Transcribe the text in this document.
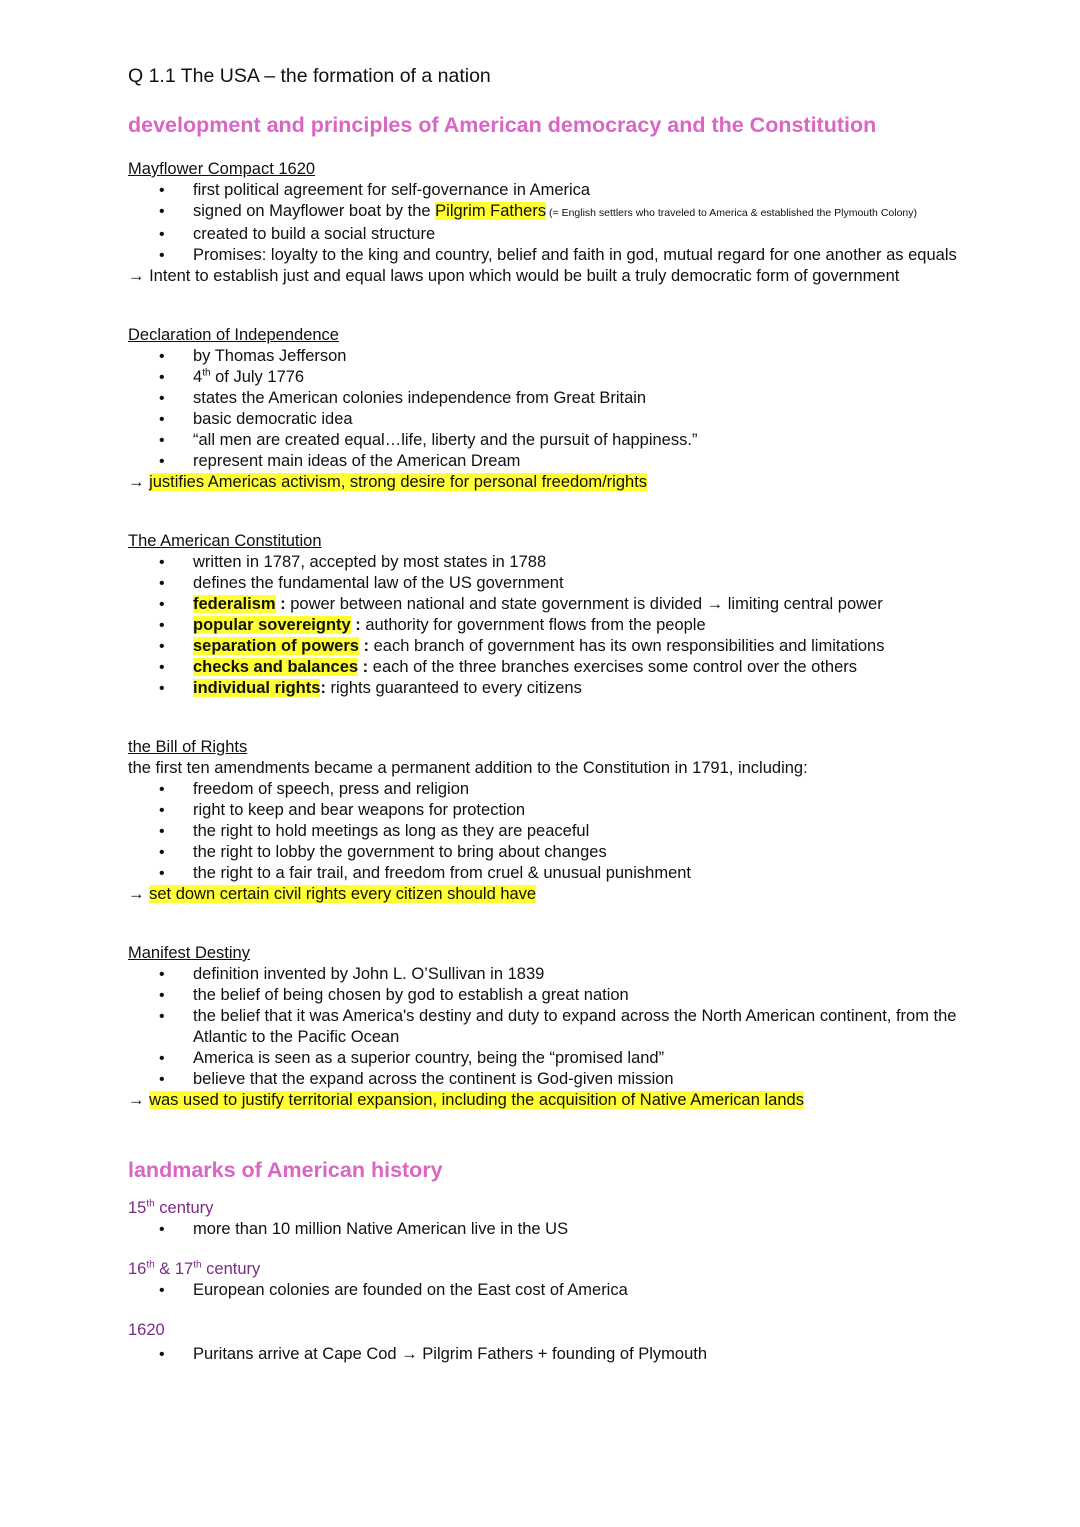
Q 1.1 The USA – the formation of a nation

development and principles of American democracy and the Constitution

Mayflower Compact 1620

• first political agreement for self-governance in America
• signed on Mayflower boat by the Pilgrim Fathers (= English settlers who traveled to America & established the Plymouth Colony)
• created to build a social structure
• Promises: loyalty to the king and country, belief and faith in god, mutual regard for one another as equals

→ Intent to establish just and equal laws upon which would be built a truly democratic form of government

Declaration of Independence

• by Thomas Jefferson
• 4th of July 1776
• states the American colonies independence from Great Britain
• basic democratic idea
• “all men are created equal…life, liberty and the pursuit of happiness.”
• represent main ideas of the American Dream

→ justifies Americas activism, strong desire for personal freedom/rights

The American Constitution

• written in 1787, accepted by most states in 1788
• defines the fundamental law of the US government
• federalism : power between national and state government is divided → limiting central power
• popular sovereignty : authority for government flows from the people
• separation of powers : each branch of government has its own responsibilities and limitations
• checks and balances : each of the three branches exercises some control over the others
• individual rights: rights guaranteed to every citizens

the Bill of Rights

the first ten amendments became a permanent addition to the Constitution in 1791, including:

• freedom of speech, press and religion
• right to keep and bear weapons for protection
• the right to hold meetings as long as they are peaceful
• the right to lobby the government to bring about changes
• the right to a fair trail, and freedom from cruel & unusual punishment

→ set down certain civil rights every citizen should have

Manifest Destiny

• definition invented by John L. O’Sullivan in 1839
• the belief of being chosen by god to establish a great nation
• the belief that it was America's destiny and duty to expand across the North American continent, from the Atlantic to the Pacific Ocean
• America is seen as a superior country, being the “promised land”
• believe that the expand across the continent is God-given mission

→ was used to justify territorial expansion, including the acquisition of Native American lands

landmarks of American history

15th century

• more than 10 million Native American live in the US

16th & 17th century

• European colonies are founded on the East cost of America

1620

• Puritans arrive at Cape Cod → Pilgrim Fathers + founding of Plymouth
